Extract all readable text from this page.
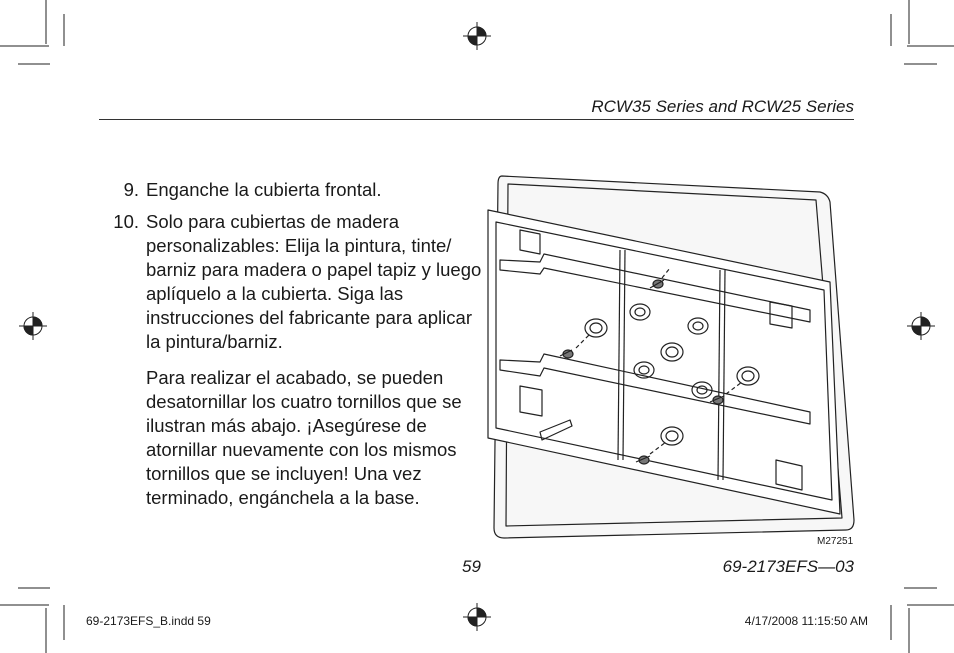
RCW35 Series and RCW25 Series
9. Enganche la cubierta frontal.
10. Solo para cubiertas de madera personalizables: Elija la pintura, tinte/ barniz para madera o papel tapiz y luego aplíquelo a la cubierta. Siga las instrucciones del fabricante para aplicar la pintura/barniz.
Para realizar el acabado, se pueden desatornillar los cuatro tornillos que se ilustran más abajo. ¡Asegúrese de atornillar nuevamente con los mismos tornillos que se incluyen! Una vez terminado, engánchela a la base.
M27251
59	69-2173EFS—03
69-2173EFS_B.indd 59	4/17/2008 11:15:50 AM
